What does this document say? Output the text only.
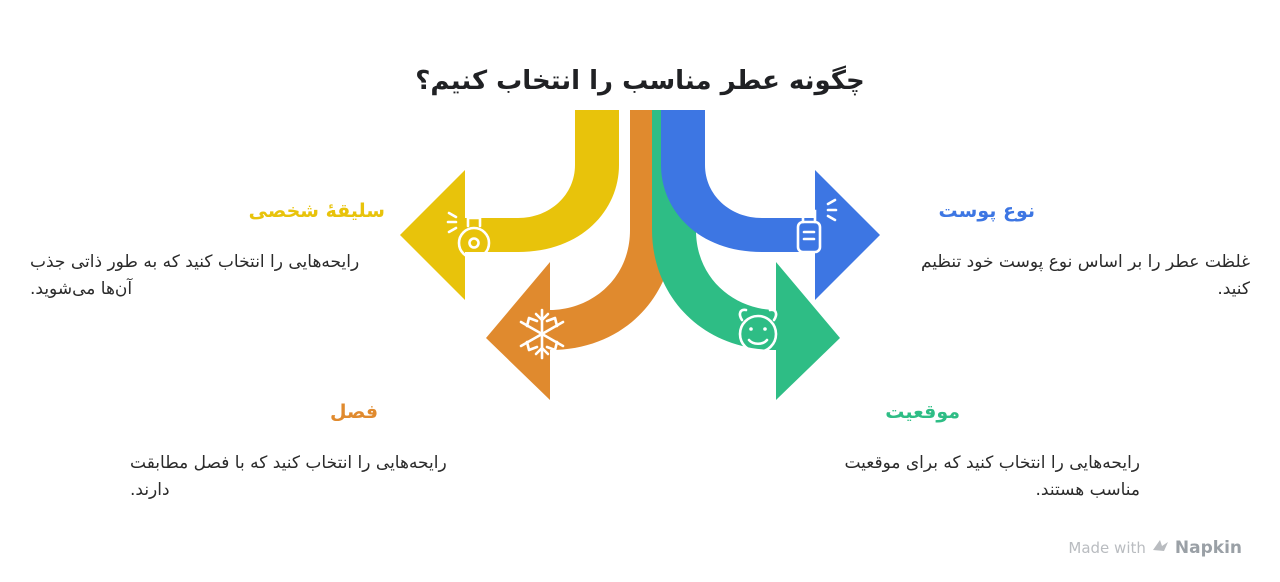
چگونه عطر مناسب را انتخاب کنیم؟
سلیقهٔ شخصی
رایحه‌هایی را انتخاب کنید که به طور ذاتی جذب آن‌ها می‌شوید.
نوع پوست
غلظت عطر را بر اساس نوع پوست خود تنظیم کنید.
فصل
رایحه‌هایی را انتخاب کنید که با فصل مطابقت دارند.
موقعیت
رایحه‌هایی را انتخاب کنید که برای موقعیت مناسب هستند.
Made with Napkin
